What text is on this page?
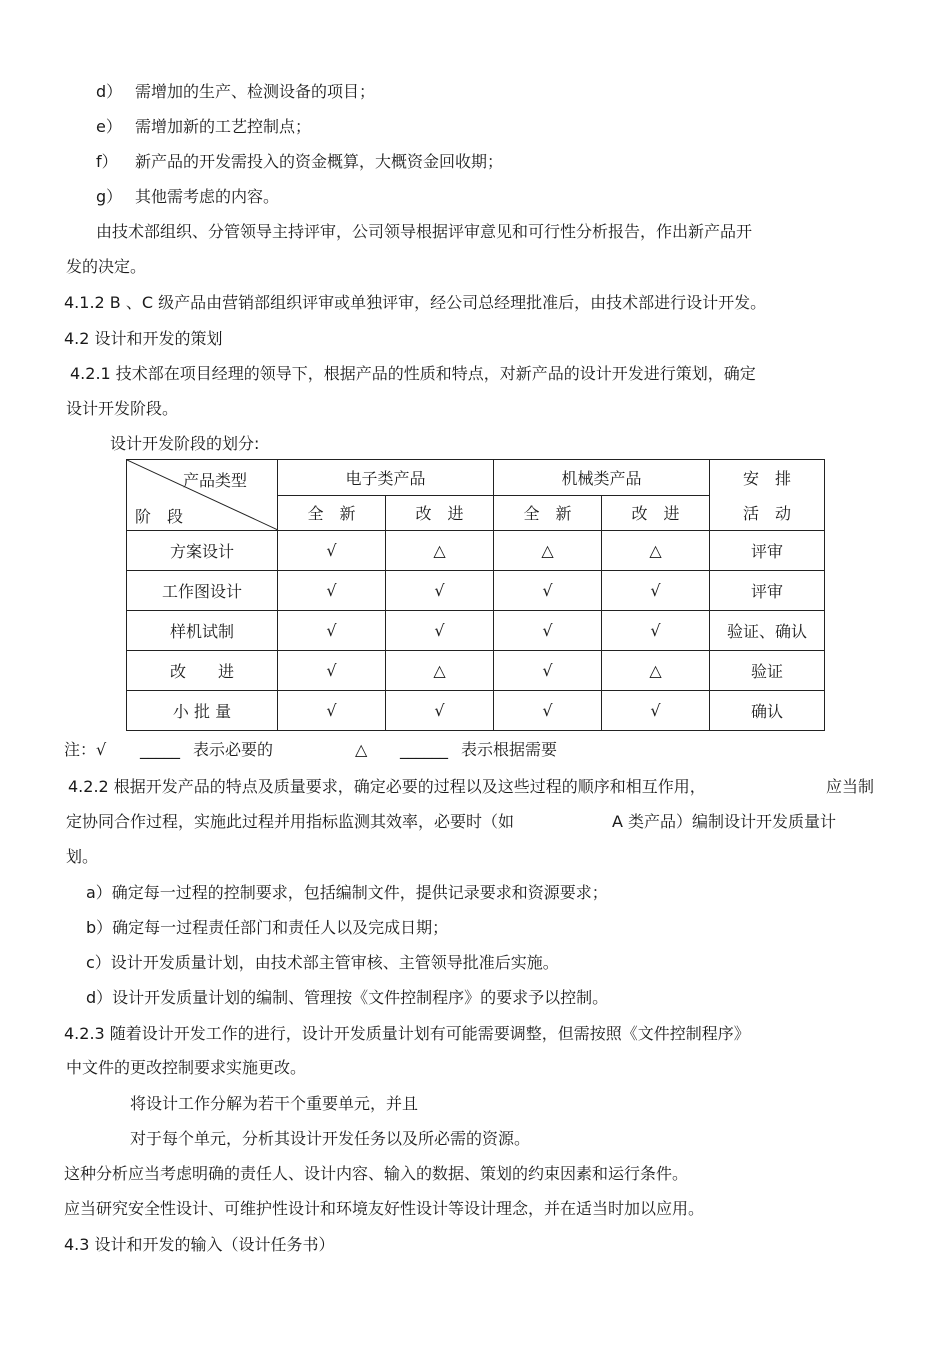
d） 需增加的生产、检测设备的项目；
e） 需增加新的工艺控制点；
f） 新产品的开发需投入的资金概算，大概资金回收期；
g） 其他需考虑的内容。
由技术部组织、分管领导主持评审，公司领导根据评审意见和可行性分析报告，作出新产品开
发的决定。
4.1.2 B 、C 级产品由营销部组织评审或单独评审，经公司总经理批准后，由技术部进行设计开发。
4.2 设计和开发的策划
4.2.1 技术部在项目经理的领导下，根据产品的性质和特点，对新产品的设计开发进行策划，确定
设计开发阶段。
设计开发阶段的划分:
产品类型
阶　段	电子类产品		机械类产品		安　排
	全　新	改　进	全　新	改　进	活　动
方案设计	√	△	△	△	评审
工作图设计	√	√	√	√	评审
样机试制	√	√	√	√	验证、确认
改　　进	√	△	√	△	验证
小 批 量	√	√	√	√	确认
注：√ _____ 表示必要的	△ ______ 表示根据需要
4.2.2 根据开发产品的特点及质量要求，确定必要的过程以及这些过程的顺序和相互作用，	应当制
定协同合作过程，实施此过程并用指标监测其效率，必要时（如	A 类产品）编制设计开发质量计
划。
a）确定每一过程的控制要求，包括编制文件，提供记录要求和资源要求；
b）确定每一过程责任部门和责任人以及完成日期；
c）设计开发质量计划，由技术部主管审核、主管领导批准后实施。
d）设计开发质量计划的编制、管理按《文件控制程序》的要求予以控制。
4.2.3 随着设计开发工作的进行，设计开发质量计划有可能需要调整，但需按照《文件控制程序》
中文件的更改控制要求实施更改。
将设计工作分解为若干个重要单元，并且
对于每个单元，分析其设计开发任务以及所必需的资源。
这种分析应当考虑明确的责任人、设计内容、输入的数据、策划的约束因素和运行条件。
应当研究安全性设计、可维护性设计和环境友好性设计等设计理念，并在适当时加以应用。
4.3 设计和开发的输入（设计任务书）
